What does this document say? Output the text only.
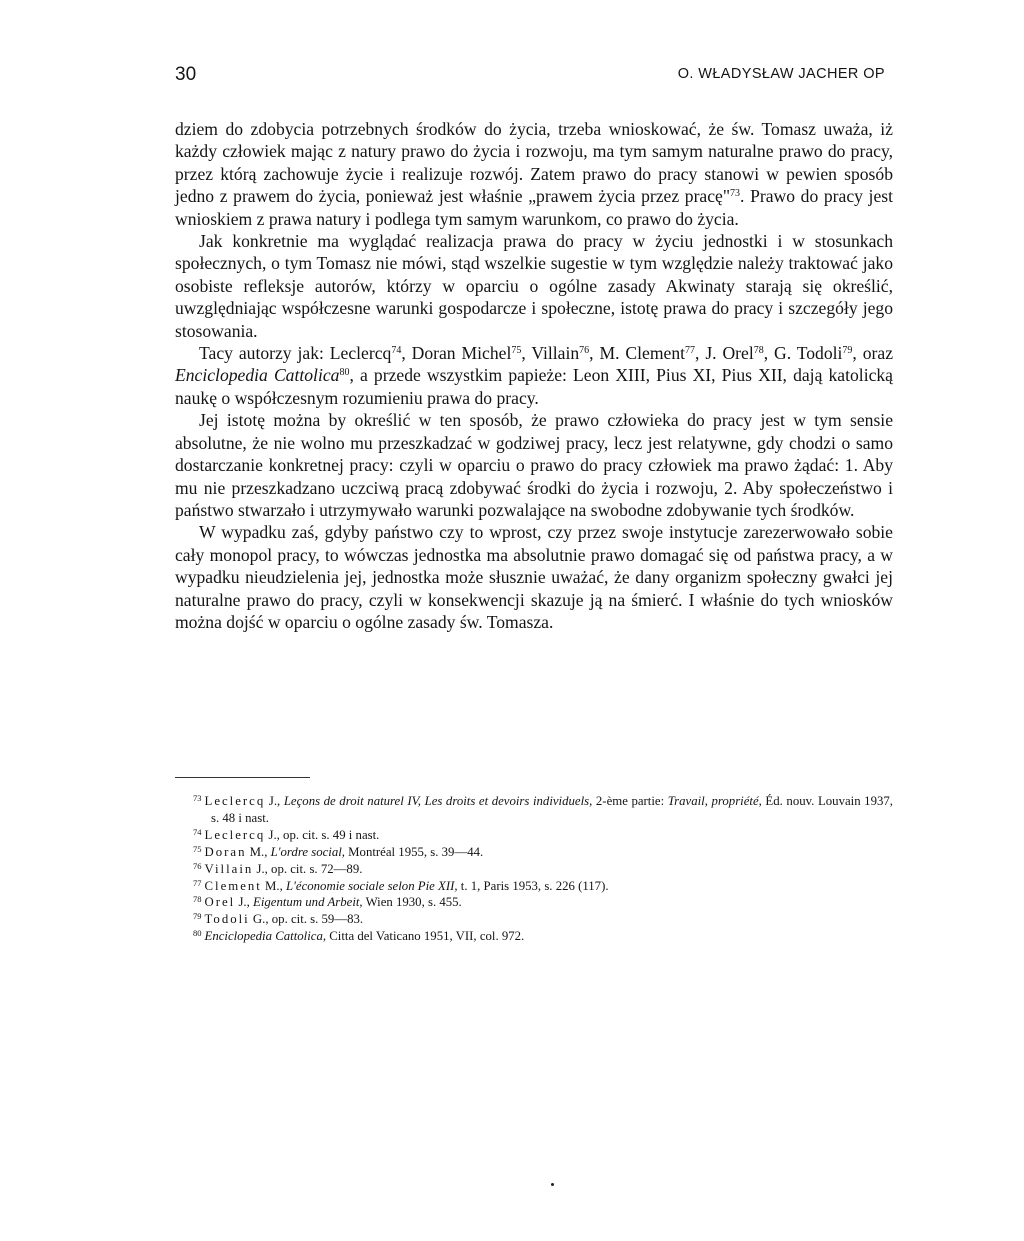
30	O. WŁADYSŁAW JACHER OP

dziem do zdobycia potrzebnych środków do życia, trzeba wnioskować, że św. Tomasz uważa, iż każdy człowiek mając z natury prawo do życia i rozwoju, ma tym samym naturalne prawo do pracy, przez którą zachowuje życie i realizuje rozwój. Zatem prawo do pracy stanowi w pewien sposób jedno z prawem do życia, ponieważ jest właśnie „prawem życia przez pracę"$^{73}$. Prawo do pracy jest wnioskiem z prawa natury i podlega tym samym warunkom, co prawo do życia.

Jak konkretnie ma wyglądać realizacja prawa do pracy w życiu jednostki i w stosunkach społecznych, o tym Tomasz nie mówi, stąd wszelkie sugestie w tym względzie należy traktować jako osobiste refleksje autorów, którzy w oparciu o ogólne zasady Akwinaty starają się określić, uwzględniając współczesne warunki gospodarcze i społeczne, istotę prawa do pracy i szczegóły jego stosowania.

Tacy autorzy jak: Leclercq$^{74}$, Doran Michel$^{75}$, Villain$^{76}$, M. Clement$^{77}$, J. Orel$^{78}$, G. Todoli$^{79}$, oraz Enciclopedia Cattolica$^{80}$, a przede wszystkim papieże: Leon XIII, Pius XI, Pius XII, dają katolicką naukę o współczesnym rozumieniu prawa do pracy.

Jej istotę można by określić w ten sposób, że prawo człowieka do pracy jest w tym sensie absolutne, że nie wolno mu przeszkadzać w godziwej pracy, lecz jest relatywne, gdy chodzi o samo dostarczanie konkretnej pracy: czyli w oparciu o prawo do pracy człowiek ma prawo żądać: 1. Aby mu nie przeszkadzano uczciwą pracą zdobywać środki do życia i rozwoju, 2. Aby społeczeństwo i państwo stwarzało i utrzymywało warunki pozwalające na swobodne zdobywanie tych środków.

W wypadku zaś, gdyby państwo czy to wprost, czy przez swoje instytucje zarezerwowało sobie cały monopol pracy, to wówczas jednostka ma absolutnie prawo domagać się od państwa pracy, a w wypadku nieudzielenia jej, jednostka może słusznie uważać, że dany organizm społeczny gwałci jej naturalne prawo do pracy, czyli w konsekwencji skazuje ją na śmierć. I właśnie do tych wniosków można dojść w oparciu o ogólne zasady św. Tomasza.

$^{73}$ Leclercq J., Leçons de droit naturel IV, Les droits et devoirs individuels, 2-ème partie: Travail, propriété, Éd. nouv. Louvain 1937, s. 48 i nast.

$^{74}$ Leclercq J., op. cit. s. 49 i nast.

$^{75}$ Doran M., L'ordre social, Montréal 1955, s. 39—44.

$^{76}$ Villain J., op. cit. s. 72—89.

$^{77}$ Clement M., L'économie sociale selon Pie XII, t. 1, Paris 1953, s. 226 (117).

$^{78}$ Orel J., Eigentum und Arbeit, Wien 1930, s. 455.

$^{79}$ Todoli G., op. cit. s. 59—83.

$^{80}$ Enciclopedia Cattolica, Citta del Vaticano 1951, VII, col. 972.
